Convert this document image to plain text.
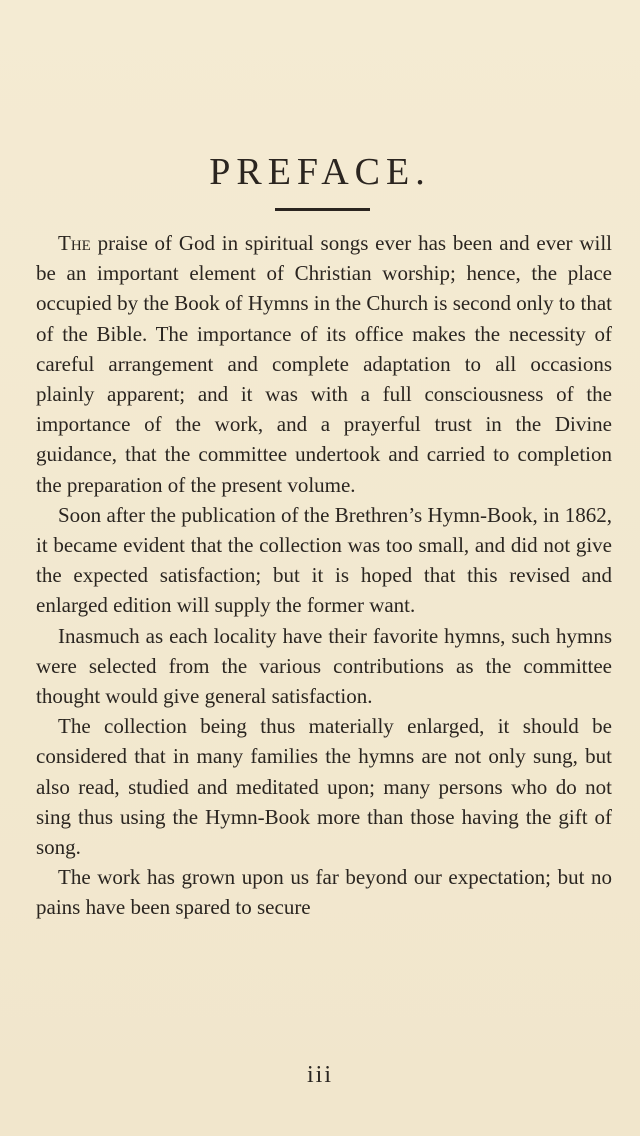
PREFACE.

The praise of God in spiritual songs ever has been and ever will be an important element of Christian worship; hence, the place occupied by the Book of Hymns in the Church is second only to that of the Bible. The importance of its office makes the necessity of careful arrangement and complete adaptation to all occasions plainly apparent; and it was with a full consciousness of the importance of the work, and a prayerful trust in the Divine guidance, that the committee undertook and carried to completion the preparation of the present volume.

Soon after the publication of the Brethren’s Hymn-Book, in 1862, it became evident that the collection was too small, and did not give the expected satisfaction; but it is hoped that this revised and enlarged edition will supply the former want.

Inasmuch as each locality have their favorite hymns, such hymns were selected from the various contributions as the committee thought would give general satisfaction.

The collection being thus materially enlarged, it should be considered that in many families the hymns are not only sung, but also read, studied and meditated upon; many persons who do not sing thus using the Hymn-Book more than those having the gift of song.

The work has grown upon us far beyond our expectation; but no pains have been spared to secure

iii
